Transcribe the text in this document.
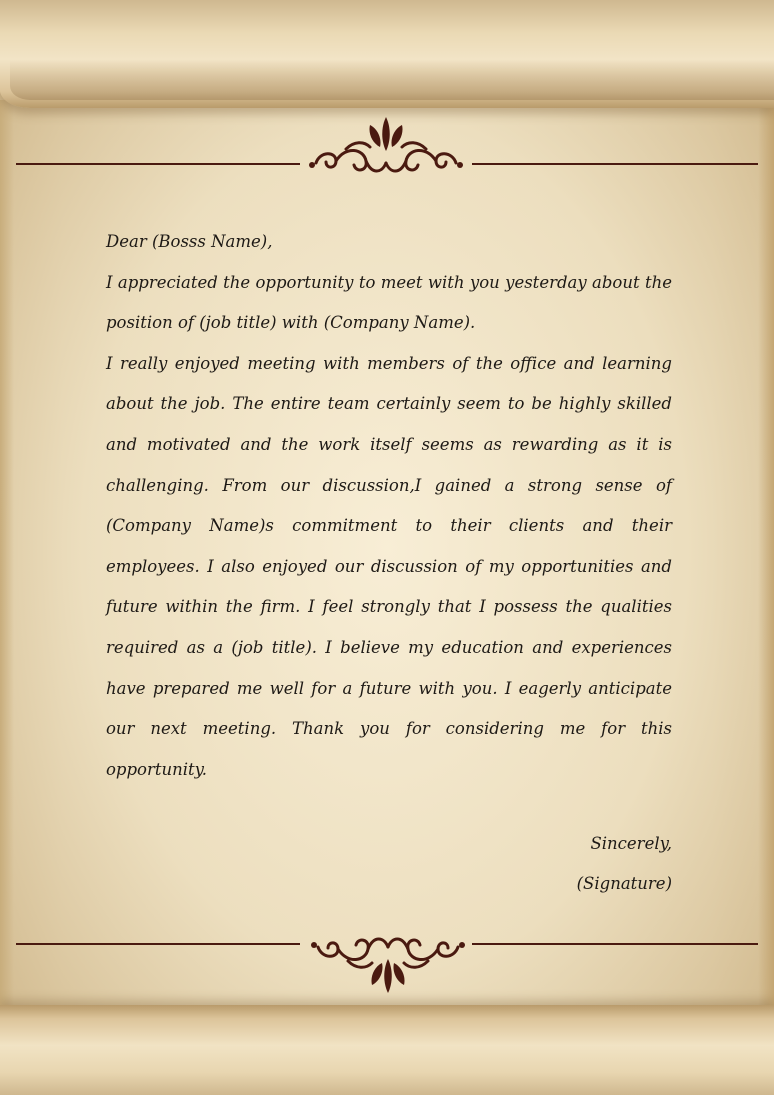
Dear (Bosss Name),

I appreciated the opportunity to meet with you yesterday about the position of (job title) with (Company Name).

I really enjoyed meeting with members of the office and learning about the job. The entire team certainly seem to be highly skilled and motivated and the work itself seems as rewarding as it is challenging. From our discussion,I gained a strong sense of (Company Name)s commitment to their clients and their employees. I also enjoyed our discussion of my opportunities and future within the firm. I feel strongly that I possess the qualities required as a (job title). I believe my education and experiences have prepared me well for a future with you. I eagerly anticipate our next meeting. Thank you for considering me for this opportunity.

Sincerely,
(Signature)
